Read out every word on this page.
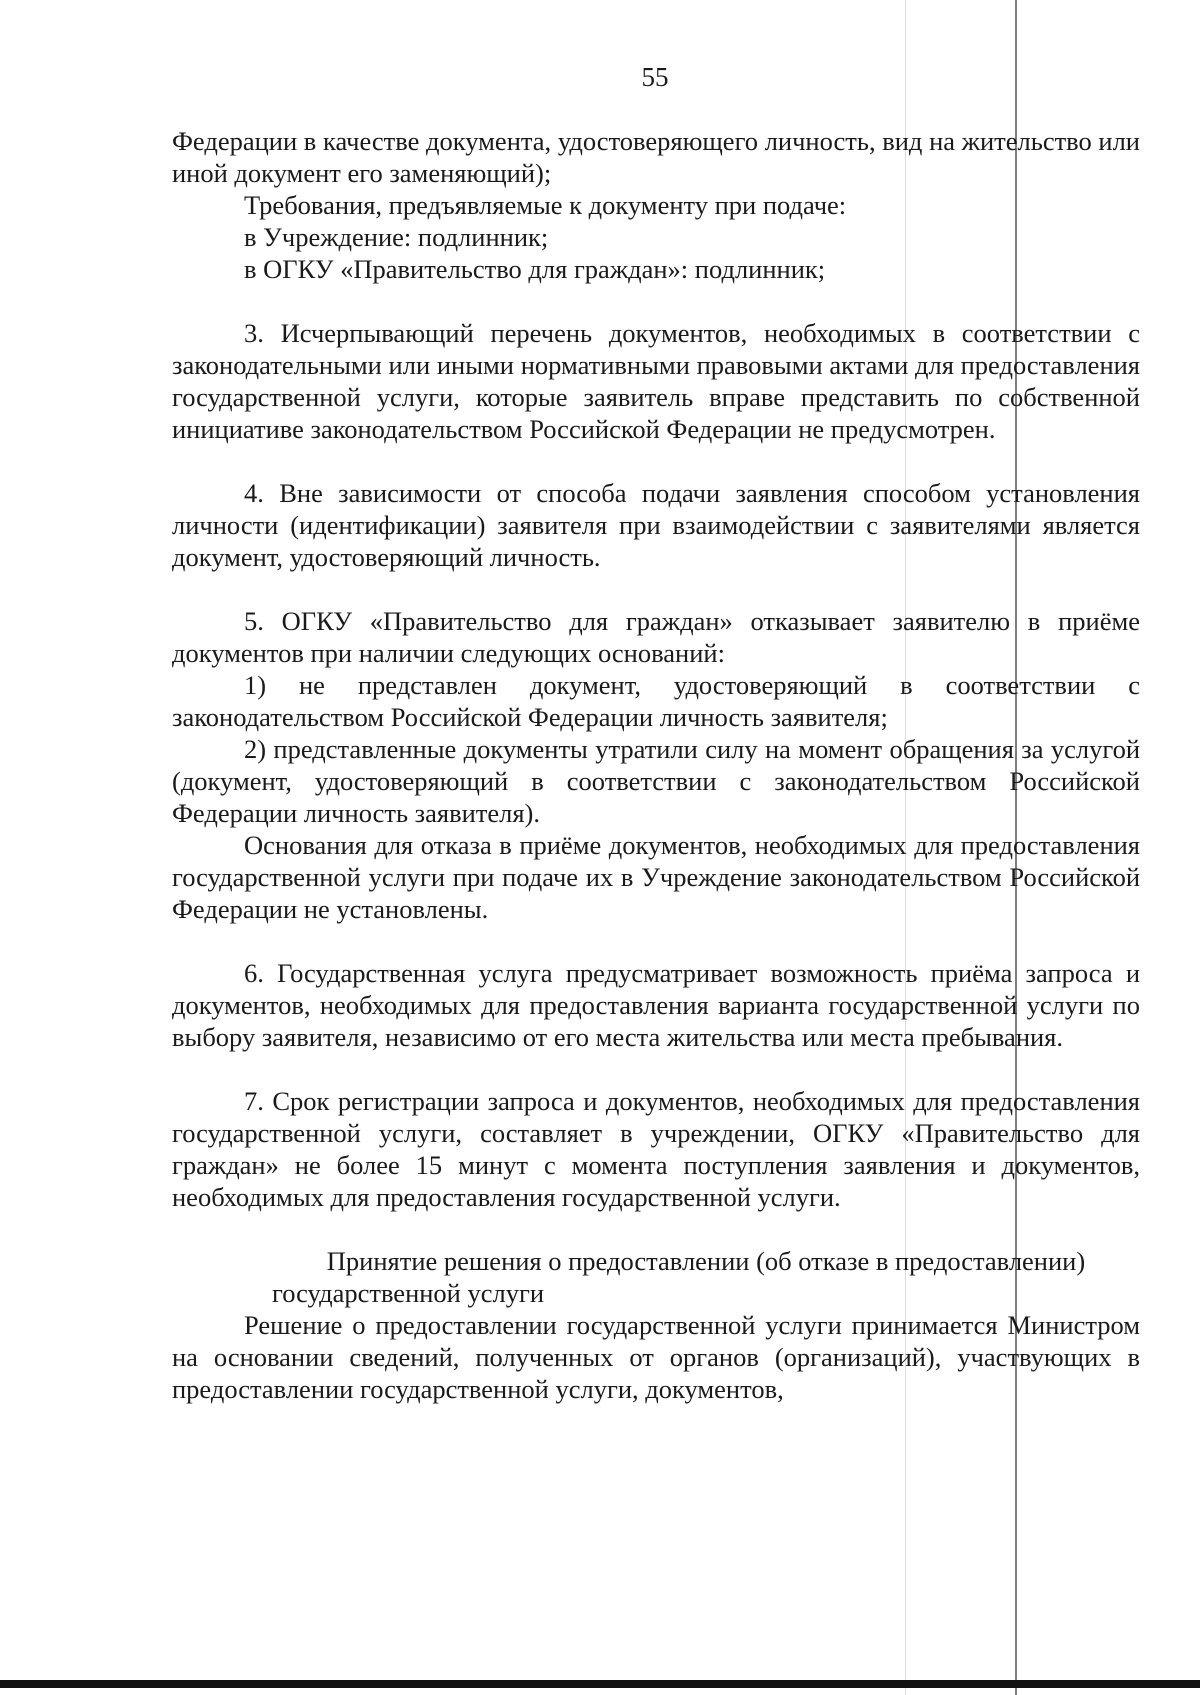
55

Федерации в качестве документа, удостоверяющего личность, вид на жительство или иной документ его заменяющий);

Требования, предъявляемые к документу при подаче:

в Учреждение: подлинник;

в ОГКУ «Правительство для граждан»: подлинник;

3. Исчерпывающий перечень документов, необходимых в соответствии с законодательными или иными нормативными правовыми актами для предоставления государственной услуги, которые заявитель вправе представить по собственной инициативе законодательством Российской Федерации не предусмотрен.

4. Вне зависимости от способа подачи заявления способом установления личности (идентификации) заявителя при взаимодействии с заявителями является документ, удостоверяющий личность.

5. ОГКУ «Правительство для граждан» отказывает заявителю в приёме документов при наличии следующих оснований:

1) не представлен документ, удостоверяющий в соответствии с законодательством Российской Федерации личность заявителя;

2) представленные документы утратили силу на момент обращения за услугой (документ, удостоверяющий в соответствии с законодательством Российской Федерации личность заявителя).

Основания для отказа в приёме документов, необходимых для предоставления государственной услуги при подаче их в Учреждение законодательством Российской Федерации не установлены.

6. Государственная услуга предусматривает возможность приёма запроса и документов, необходимых для предоставления варианта государственной услуги по выбору заявителя, независимо от его места жительства или места пребывания.

7. Срок регистрации запроса и документов, необходимых для предоставления государственной услуги, составляет в учреждении, ОГКУ «Правительство для граждан» не более 15 минут с момента поступления заявления и документов, необходимых для предоставления государственной услуги.

Принятие решения о предоставлении (об отказе в предоставлении) государственной услуги

Решение о предоставлении государственной услуги принимается Министром на основании сведений, полученных от органов (организаций), участвующих в предоставлении государственной услуги, документов,
